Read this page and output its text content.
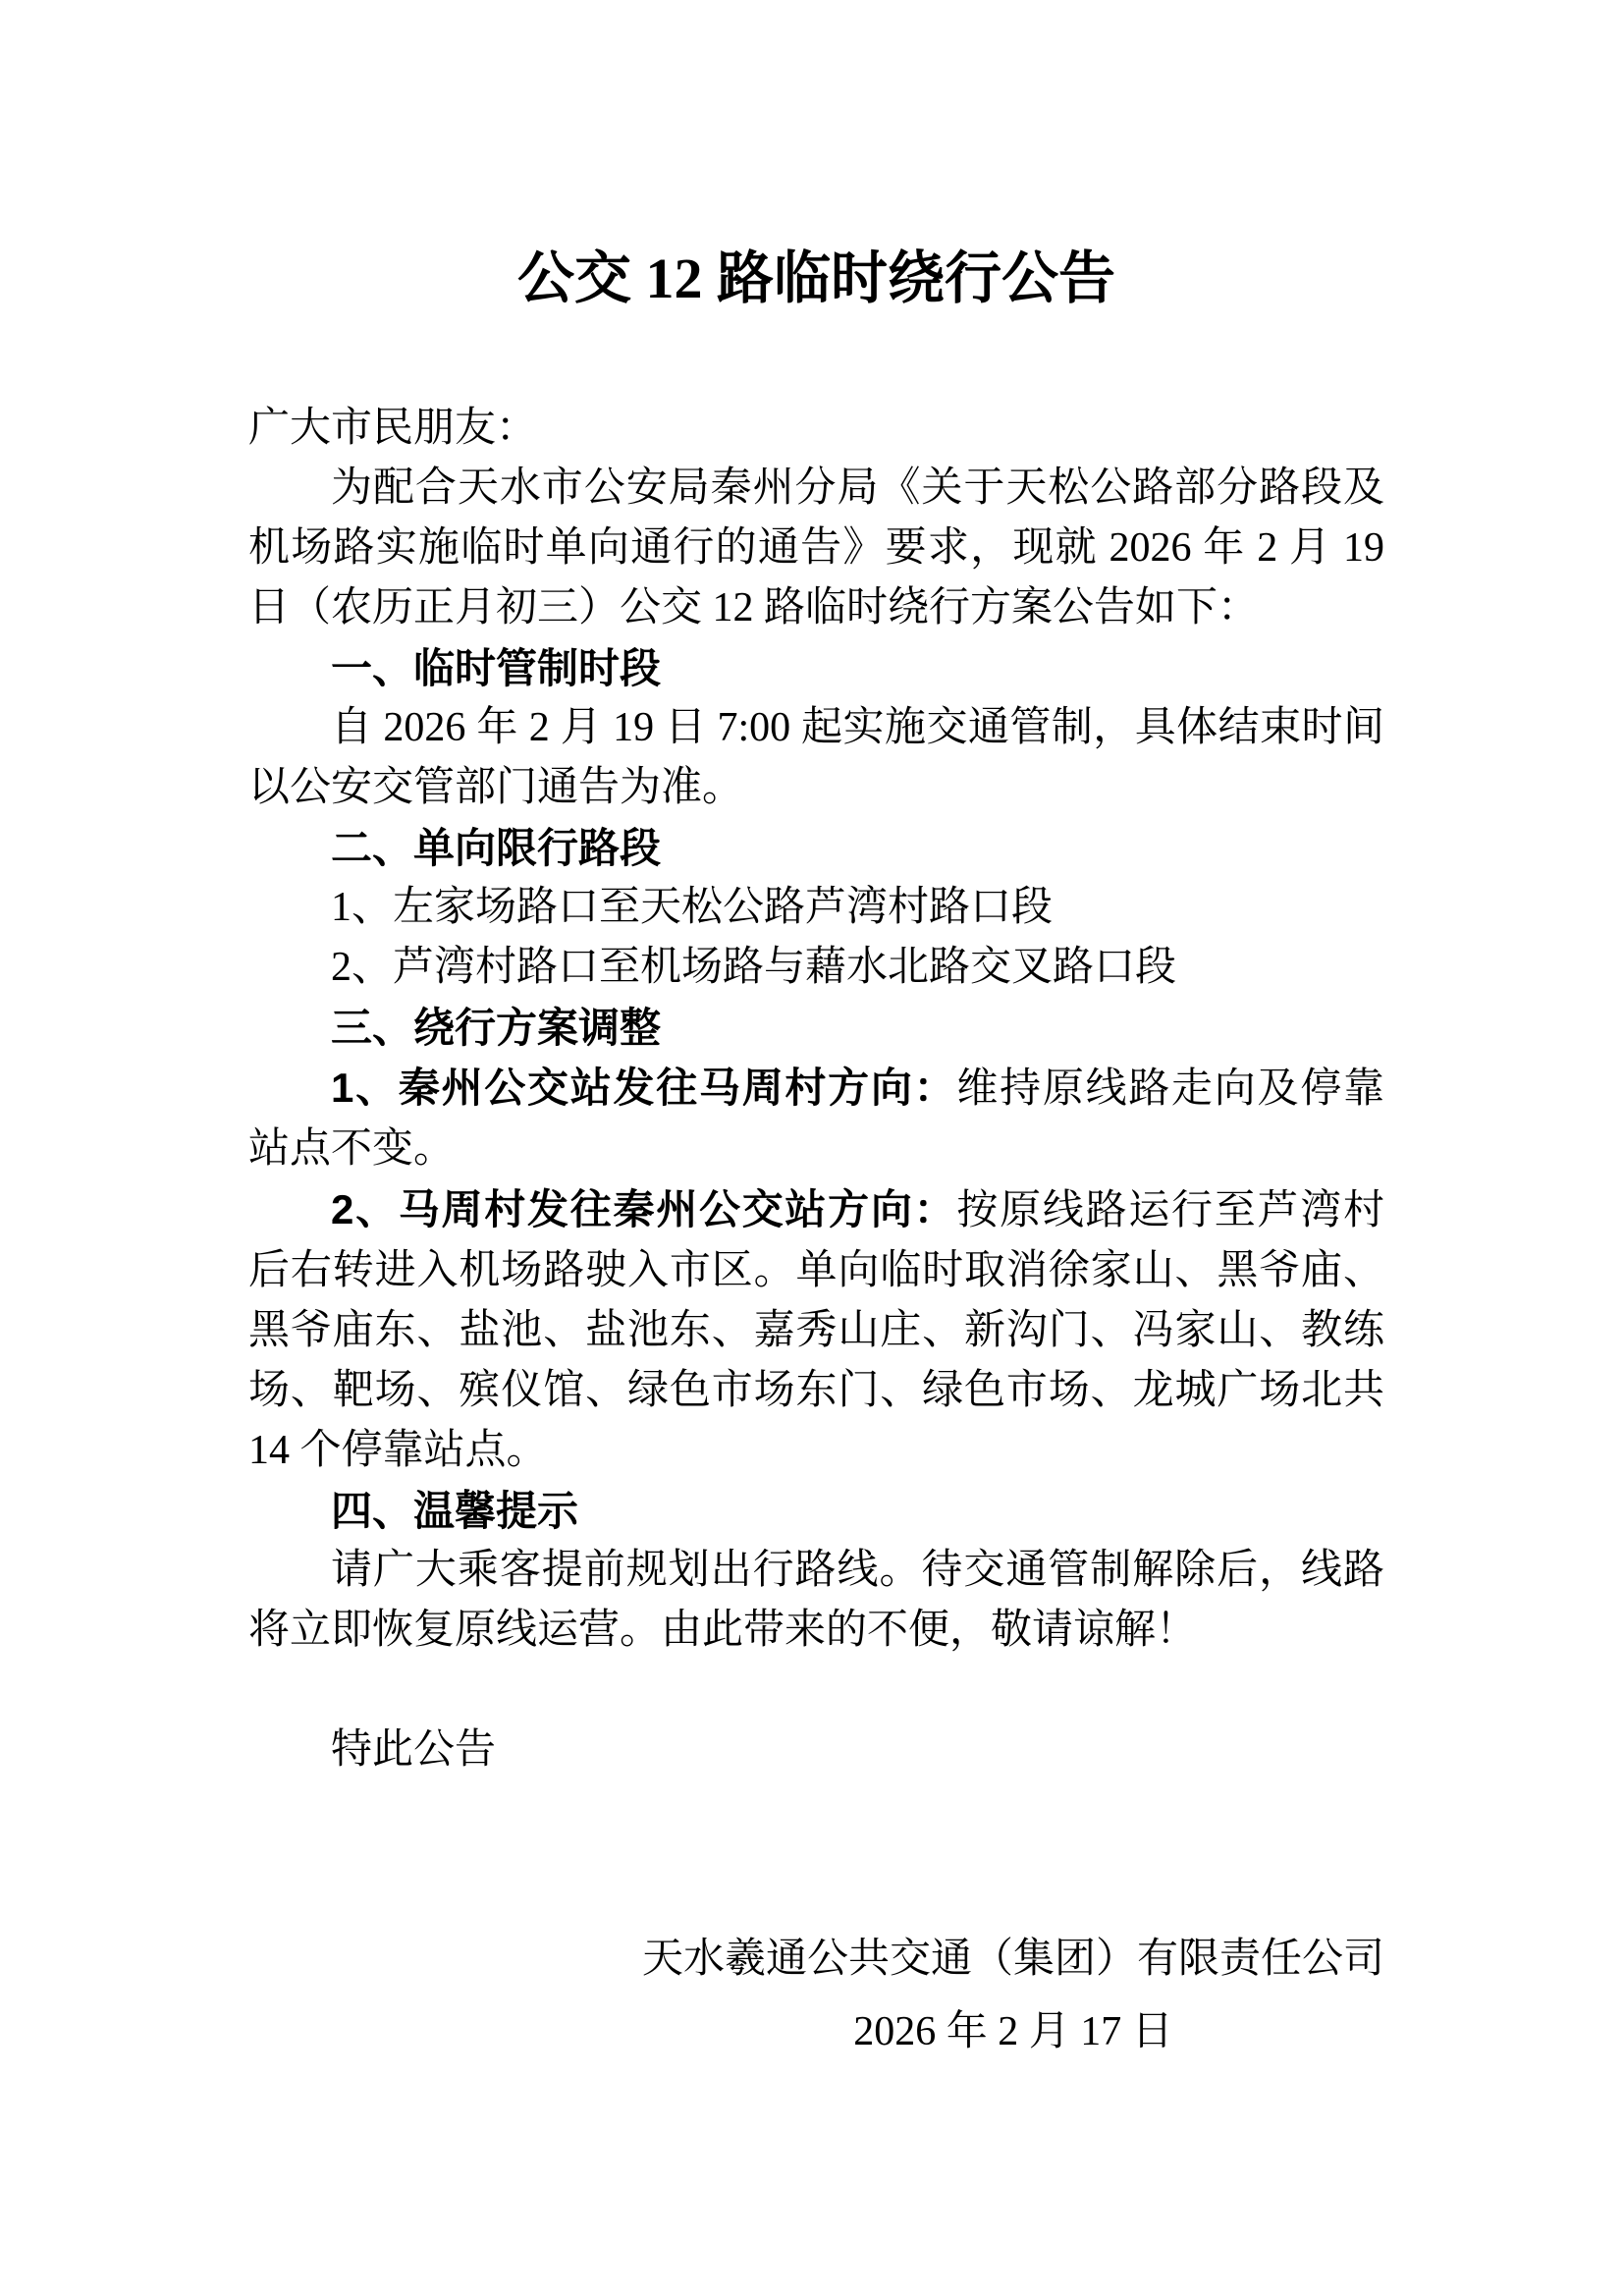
公交 12 路临时绕行公告

广大市民朋友：

为配合天水市公安局秦州分局《关于天松公路部分路段及机场路实施临时单向通行的通告》要求，现就 2026 年 2 月 19 日（农历正月初三）公交 12 路临时绕行方案公告如下：

一、临时管制时段

自 2026 年 2 月 19 日 7:00 起实施交通管制，具体结束时间以公安交管部门通告为准。

二、单向限行路段

1、左家场路口至天松公路芦湾村路口段

2、芦湾村路口至机场路与藉水北路交叉路口段

三、绕行方案调整

1、秦州公交站发往马周村方向：维持原线路走向及停靠站点不变。

2、马周村发往秦州公交站方向：按原线路运行至芦湾村后右转进入机场路驶入市区。单向临时取消徐家山、黑爷庙、黑爷庙东、盐池、盐池东、嘉秀山庄、新沟门、冯家山、教练场、靶场、殡仪馆、绿色市场东门、绿色市场、龙城广场北共 14 个停靠站点。

四、温馨提示

请广大乘客提前规划出行路线。待交通管制解除后，线路将立即恢复原线运营。由此带来的不便，敬请谅解！

特此公告

天水羲通公共交通（集团）有限责任公司

2026 年 2 月 17 日
